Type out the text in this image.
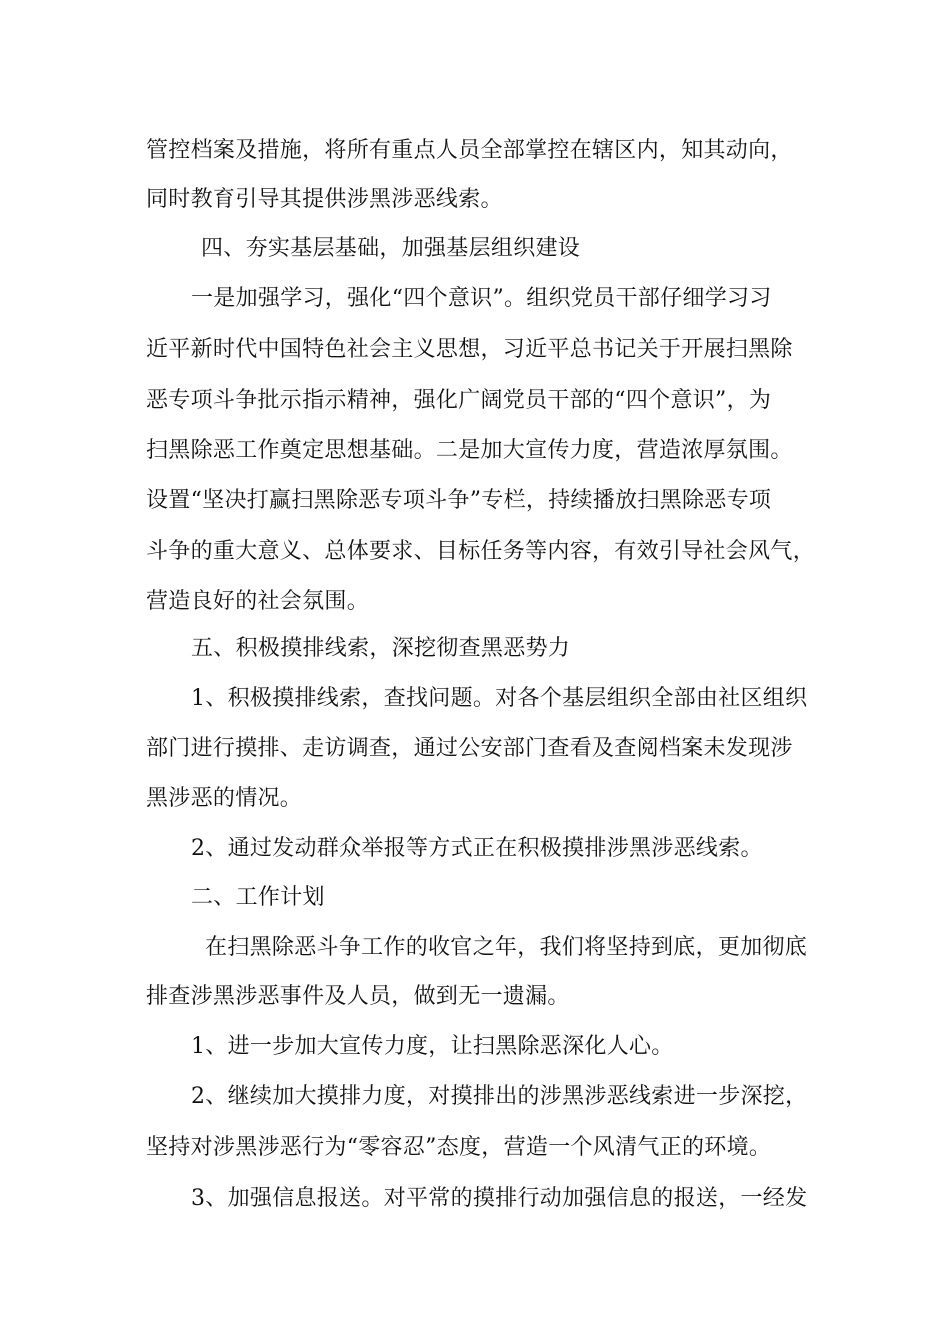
管控档案及措施，将所有重点人员全部掌控在辖区内，知其动向，
同时教育引导其提供涉黑涉恶线索。
四、夯实基层基础，加强基层组织建设
一是加强学习，强化“四个意识”。组织党员干部仔细学习习
近平新时代中国特色社会主义思想，习近平总书记关于开展扫黑除
恶专项斗争批示指示精神，强化广阔党员干部的“四个意识”，为
扫黑除恶工作奠定思想基础。二是加大宣传力度，营造浓厚氛围。
设置“坚决打赢扫黑除恶专项斗争”专栏，持续播放扫黑除恶专项
斗争的重大意义、总体要求、目标任务等内容，有效引导社会风气，
营造良好的社会氛围。
五、积极摸排线索，深挖彻查黑恶势力
1、积极摸排线索，查找问题。对各个基层组织全部由社区组织
部门进行摸排、走访调查，通过公安部门查看及查阅档案未发现涉
黑涉恶的情况。
2、通过发动群众举报等方式正在积极摸排涉黑涉恶线索。
二、工作计划
在扫黑除恶斗争工作的收官之年，我们将坚持到底，更加彻底
排查涉黑涉恶事件及人员，做到无一遗漏。
1、进一步加大宣传力度，让扫黑除恶深化人心。
2、继续加大摸排力度，对摸排出的涉黑涉恶线索进一步深挖，
坚持对涉黑涉恶行为“零容忍”态度，营造一个风清气正的环境。
3、加强信息报送。对平常的摸排行动加强信息的报送，一经发
